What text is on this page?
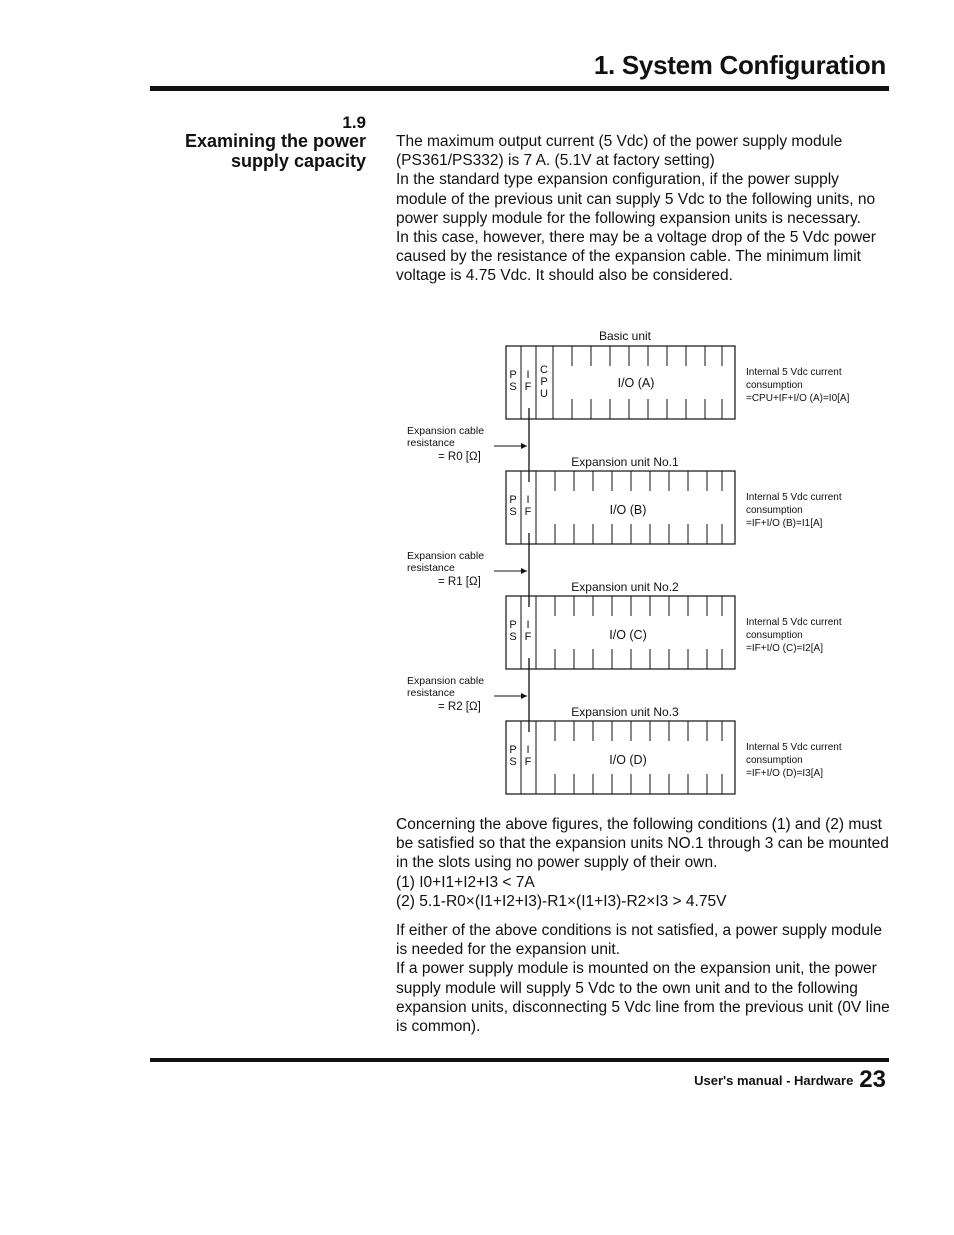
1. System Configuration
1.9
Examining the power
supply capacity

The maximum output current (5 Vdc) of the power supply module (PS361/PS332) is 7 A. (5.1V at factory setting)

In the standard type expansion configuration, if the power supply module of the previous unit can supply 5 Vdc to the following units, no power supply module for the following expansion units is necessary.

In this case, however, there may be a voltage drop of the 5 Vdc power caused by the resistance of the expansion cable. The minimum limit voltage is 4.75 Vdc. It should also be considered.

Basic unit
P
S
I
F
C
P
U
I/O (A)
Internal 5 Vdc current
consumption
=CPU+IF+I/O (A)=I0[A]
Expansion unit No.1
P
S
I
F	I/O (B)
Internal 5 Vdc current
consumption
=IF+I/O (B)=I1[A]
Expansion unit No.2
P
S
I
F	I/O (C)
Internal 5 Vdc current
consumption
=IF+I/O (C)=I2[A]
Expansion unit No.3
P
S
I
F	I/O (D)
Internal 5 Vdc current
consumption
=IF+I/O (D)=I3[A]
Expansion cable
resistance
= R0 [Ω]
Expansion cable
resistance
= R1 [Ω]
Expansion cable
resistance
= R2 [Ω]

Concerning the above figures, the following conditions (1) and (2) must be satisfied so that the expansion units NO.1 through 3 can be mounted in the slots using no power supply of their own.

(1) I0+I1+I2+I3 < 7A

(2) 5.1-R0×(I1+I2+I3)-R1×(I1+I3)-R2×I3 > 4.75V

If either of the above conditions is not satisfied, a power supply module is needed for the expansion unit.

If a power supply module is mounted on the expansion unit, the power supply module will supply 5 Vdc to the own unit and to the following expansion units, disconnecting 5 Vdc line from the previous unit (0V line is common).

User's manual - Hardware 23
